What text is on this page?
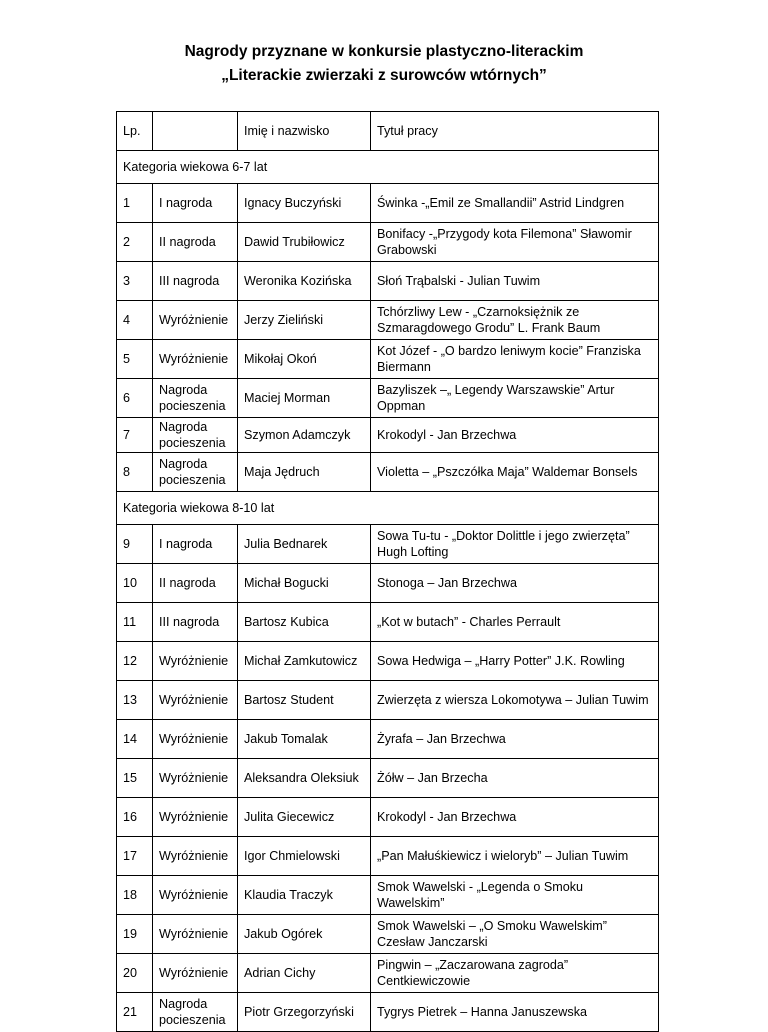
Nagrody przyznane w konkursie plastyczno-literackim
„Literackie zwierzaki z surowców wtórnych”
Lp.		Imię i nazwisko	Tytuł pracy
Kategoria wiekowa 6-7 lat			
1	I nagroda	Ignacy Buczyński	Świnka -„Emil ze Smallandii” Astrid Lindgren
2	II nagroda	Dawid Trubiłowicz	Bonifacy -„Przygody kota Filemona” Sławomir Grabowski
3	III nagroda	Weronika Kozińska	Słoń Trąbalski - Julian Tuwim
4	Wyróżnienie	Jerzy Zieliński	Tchórzliwy Lew - „Czarnoksiężnik ze Szmaragdowego Grodu” L. Frank Baum
5	Wyróżnienie	Mikołaj Okoń	Kot Józef - „O bardzo leniwym kocie” Franziska Biermann
6	Nagroda pocieszenia	Maciej Morman	Bazyliszek –„ Legendy Warszawskie” Artur Oppman
7	Nagroda pocieszenia	Szymon Adamczyk	Krokodyl - Jan Brzechwa
8	Nagroda pocieszenia	Maja Jędruch	Violetta – „Pszczółka Maja” Waldemar Bonsels
Kategoria wiekowa 8-10 lat			
9	I nagroda	Julia Bednarek	Sowa Tu-tu - „Doktor Dolittle i jego zwierzęta” Hugh Lofting
10	II nagroda	Michał Bogucki	Stonoga – Jan Brzechwa
11	III nagroda	Bartosz Kubica	„Kot w butach” - Charles Perrault
12	Wyróżnienie	Michał Zamkutowicz	Sowa Hedwiga – „Harry Potter” J.K. Rowling
13	Wyróżnienie	Bartosz Student	Zwierzęta z wiersza Lokomotywa – Julian Tuwim
14	Wyróżnienie	Jakub Tomalak	Żyrafa – Jan Brzechwa
15	Wyróżnienie	Aleksandra Oleksiuk	Żółw – Jan Brzecha
16	Wyróżnienie	Julita Giecewicz	Krokodyl - Jan Brzechwa
17	Wyróżnienie	Igor Chmielowski	„Pan Małuśkiewicz i wieloryb” – Julian Tuwim
18	Wyróżnienie	Klaudia Traczyk	Smok Wawelski - „Legenda o Smoku Wawelskim”
19	Wyróżnienie	Jakub Ogórek	Smok Wawelski – „O Smoku Wawelskim” Czesław Janczarski
20	Wyróżnienie	Adrian Cichy	Pingwin – „Zaczarowana zagroda” Centkiewiczowie
21	Nagroda pocieszenia	Piotr Grzegorzyński	Tygrys Pietrek – Hanna Januszewska
